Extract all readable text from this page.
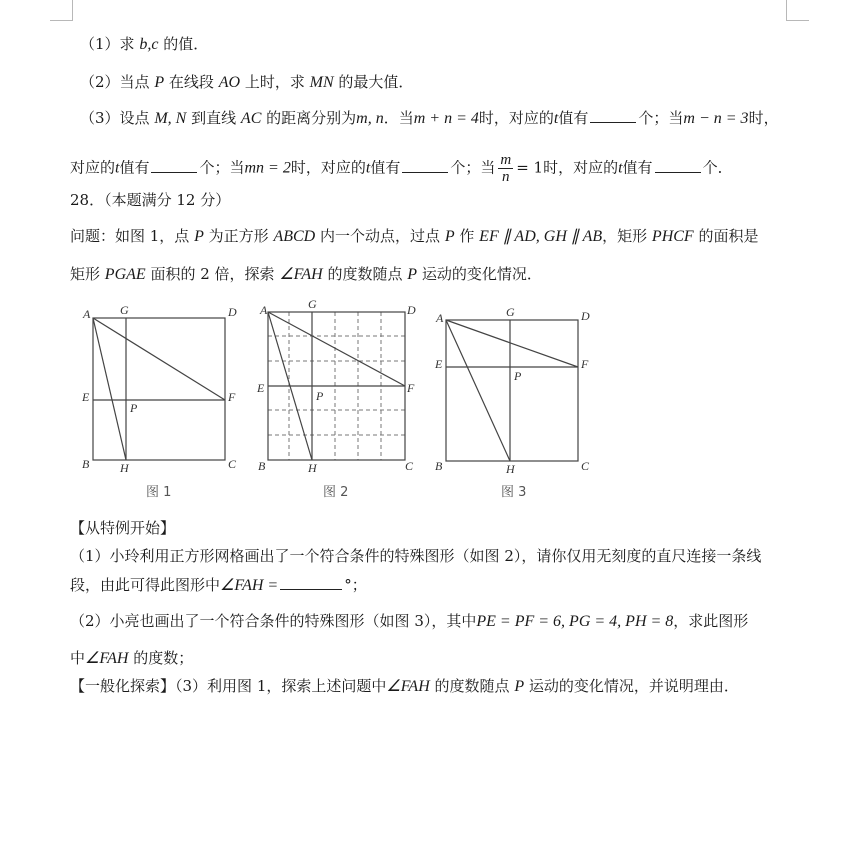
（1）求 b,c 的值．
（2）当点 P 在线段 AO 上时，求 MN 的最大值．
（3）设点 M, N 到直线 AC 的距离分别为m, n．当m + n = 4时，对应的t值有	个；当m − n = 3时，
对应的t值有	个；当mn = 2时，对应的t值有	个；当 $\frac{m}{n} = 1$时，对应的t值有	个．
28．（本题满分 12 分）
问题：如图 1，点 P 为正方形 ABCD 内一个动点，过点 P 作 EF ∥ AD, GH ∥ AB，矩形 PHCF 的面积是
矩形 PGAE 面积的 2 倍，探索 ∠FAH 的度数随点 P 运动的变化情况．
A G	D
E
P
F
B	H	C
图 1
A	G	D
E
P
F
B	H	C
图 2
A	G	D
E
P
F
B	H	C
图 3
【从特例开始】
（1）小玲利用正方形网格画出了一个符合条件的特殊图形（如图 2），请你仅用无刻度的直尺连接一条线
段，由此可得此图形中∠FAH =	°；
（2）小亮也画出了一个符合条件的特殊图形（如图 3），其中PE = PF = 6, PG = 4, PH = 8，求此图形
中∠FAH 的度数；
【一般化探索】（3）利用图 1，探索上述问题中∠FAH 的度数随点 P 运动的变化情况，并说明理由．
